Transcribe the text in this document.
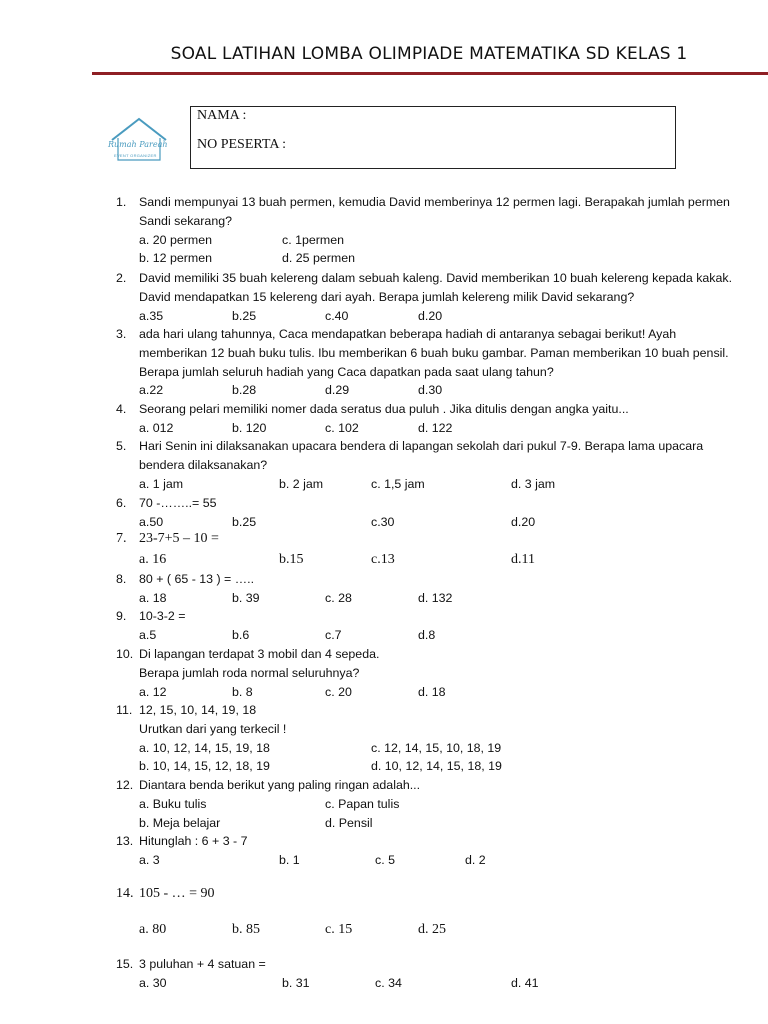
SOAL LATIHAN LOMBA OLIMPIADE MATEMATIKA SD KELAS 1
Rumah Pareah
EVENT ORGANIZER
NAMA :
NO PESERTA :
1. Sandi mempunyai 13 buah permen, kemudia David memberinya 12 permen lagi. Berapakah jumlah permen
Sandi sekarang?
a. 20 permen	c. 1permen
b. 12 permen	d. 25 permen
2. David memiliki 35 buah kelereng dalam sebuah kaleng. David memberikan 10 buah kelereng kepada kakak.
David mendapatkan 15 kelereng dari ayah. Berapa jumlah kelereng milik David sekarang?
a.35	b.25	c.40	d.20
3. ada hari ulang tahunnya, Caca mendapatkan beberapa hadiah di antaranya sebagai berikut! Ayah
memberikan 12 buah buku tulis. Ibu memberikan 6 buah buku gambar. Paman memberikan 10 buah pensil.
Berapa jumlah seluruh hadiah yang Caca dapatkan pada saat ulang tahun?
a.22	b.28	d.29	d.30
4. Seorang pelari memiliki nomer dada seratus dua puluh . Jika ditulis dengan angka yaitu...
a. 012	b. 120	c. 102	d. 122
5. Hari Senin ini dilaksanakan upacara bendera di lapangan sekolah dari pukul 7-9. Berapa lama upacara
bendera dilaksanakan?
a. 1 jam	b. 2 jam	c. 1,5 jam	d. 3 jam
6. 70 -……..= 55
a.50	b.25	c.30	d.20
7. 23-7+5 – 10 =
a. 16	b.15	c.13	d.11
8. 80 + ( 65 - 13 ) = …..
a. 18	b. 39	c. 28	d. 132
9. 10-3-2 =
a.5	b.6	c.7	d.8
10. Di lapangan terdapat 3 mobil dan 4 sepeda.
Berapa jumlah roda normal seluruhnya?
a. 12	b. 8	c. 20	d. 18
11. 12, 15, 10, 14, 19, 18
Urutkan dari yang terkecil !
a. 10, 12, 14, 15, 19, 18	c. 12, 14, 15, 10, 18, 19
b. 10, 14, 15, 12, 18, 19	d. 10, 12, 14, 15, 18, 19
12. Diantara benda berikut yang paling ringan adalah...
a. Buku tulis	c. Papan tulis
b. Meja belajar	d. Pensil
13. Hitunglah : 6 + 3 - 7
a. 3	b. 1	c. 5	d. 2
14. 105 - … = 90
a. 80	b. 85	c. 15	d. 25
15. 3 puluhan + 4 satuan =
a. 30	b. 31	c. 34	d. 41
